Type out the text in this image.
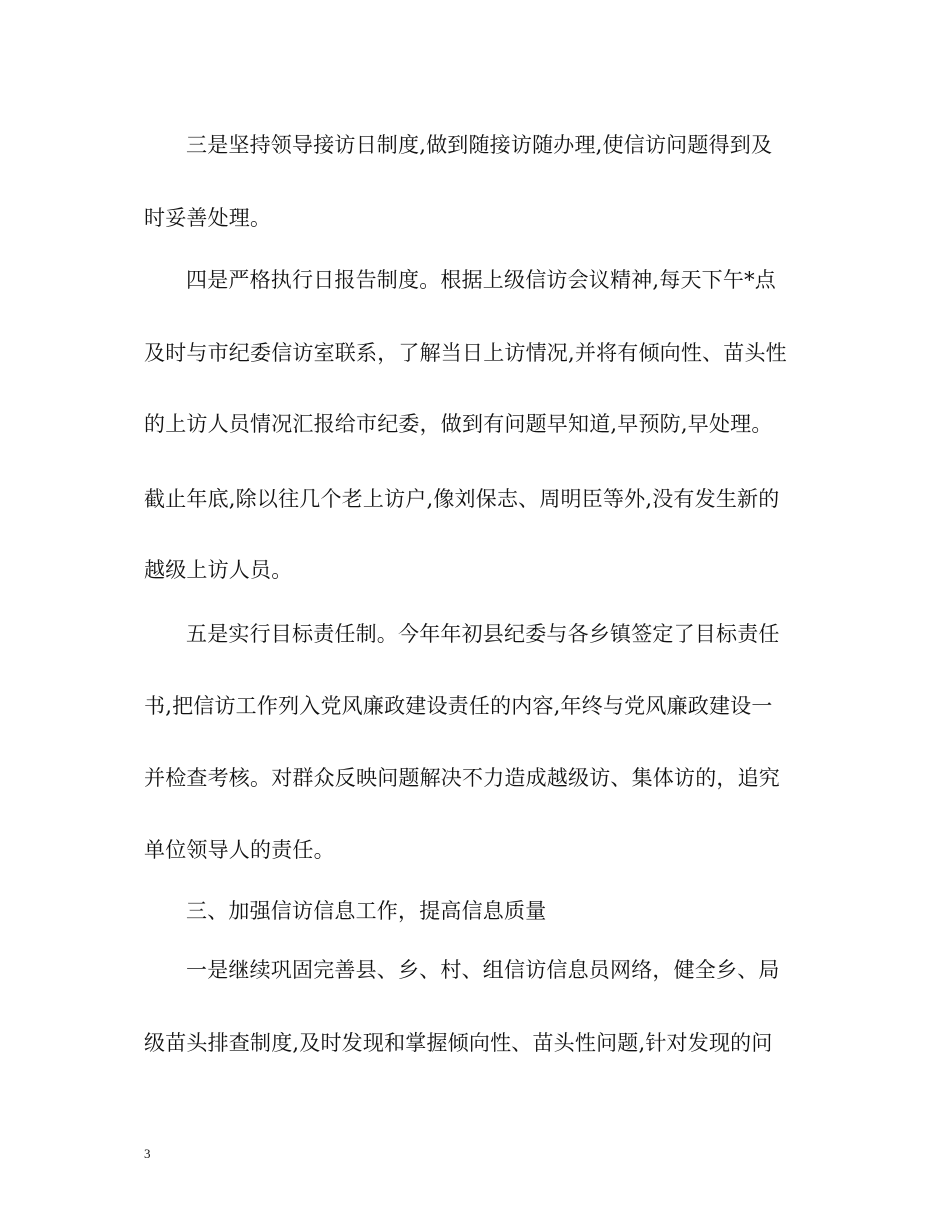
三是坚持领导接访日制度,做到随接访随办理,使信访问题得到及
时妥善处理。
四是严格执行日报告制度。根据上级信访会议精神,每天下午*点
及时与市纪委信访室联系，了解当日上访情况,并将有倾向性、苗头性
的上访人员情况汇报给市纪委，做到有问题早知道,早预防,早处理。
截止年底,除以往几个老上访户,像刘保志、周明臣等外,没有发生新的
越级上访人员。
五是实行目标责任制。今年年初县纪委与各乡镇签定了目标责任
书,把信访工作列入党风廉政建设责任的内容,年终与党风廉政建设一
并检查考核。对群众反映问题解决不力造成越级访、集体访的，追究
单位领导人的责任。
三、加强信访信息工作，提高信息质量
一是继续巩固完善县、乡、村、组信访信息员网络，健全乡、局
级苗头排查制度,及时发现和掌握倾向性、苗头性问题,针对发现的问
3
